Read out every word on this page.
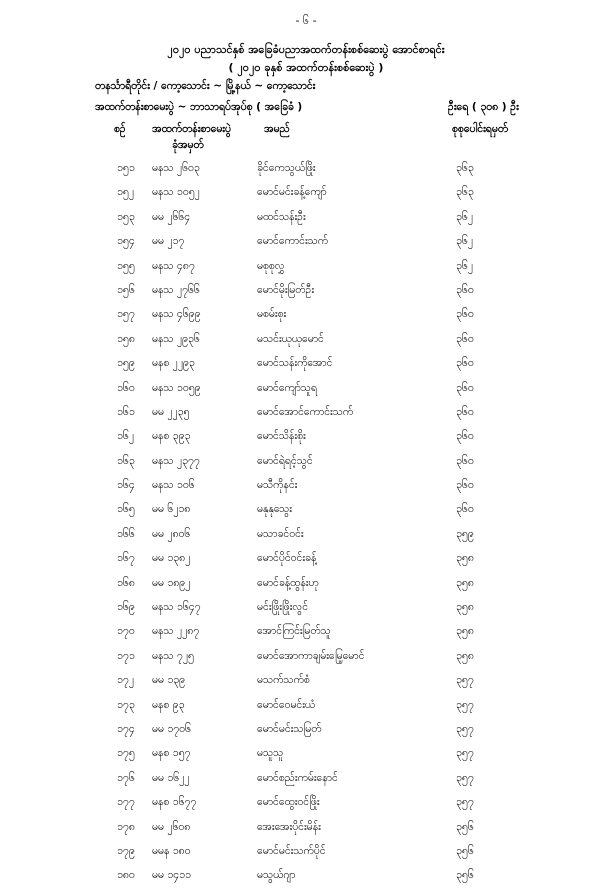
- ၆ -
၂၀၂၀ ပညာသင်နှစ် အခြေခံပညာအထက်တန်းစစ်ဆေးပွဲ အောင်စာရင်း
( ၂၀၂၀ ခုနှစ် အထက်တန်းစစ်ဆေးပွဲ )
တနင်္သာရီတိုင်း / ကော့သောင်း ~ မြို့နယ် ~ ကော့သောင်း
အထက်တန်းစာမေးပွဲ ~ ဘာသာရပ်အုပ်စု ( အခြေခံ )	ဦးရေ ( ၃၀၈ ) ဦး
စဉ်	အထက်တန်းစာမေးပွဲ
ခုံအမှတ်
အမည်	စုစုပေါင်းရမှတ်
၁၅၁ မနသ ၂၆၀၃	ခိုင်ကေသွယ်ဖြိုး	၃၆၃
၁၅၂ မနသ ၁၀၅၂	မောင်မင်းခန့်ကျော်	၃၆၃
၁၅၃ မမ ၂၆၆၄	မထင်သန်းဦး	၃၆၂
၁၅၄ မမ ၂၁၇	မောင်ကောင်းသက်	၃၆၂
၁၅၅ မနသ ၄၈၇	မစုစုလွှ	၃၆၂
၁၅၆ မနသ ၂၇၆၆	မောင်မိုးမြတ်ဦး	၃၆၀
၁၅၇ မနသ ၄၆၉၉	မစမ်းစုး	၃၆၀
၁၅၈ မနသ ၂၉၃၆	မသင်းယုယုမောင်	၃၆၀
၁၅၉ မနစ ၂၂၉၃	မောင်သန်းကိုအောင်	၃၆၀
၁၆၀ မနသ ၁၀၅၉	မောင်ကျော်သူရ	၃၆၀
၁၆၁ မမ ၂၂၃၅	မောင်အောင်ကောင်းသက်	၃၆၀
၁၆၂ မနစ ၃၉၃	မောင်သိန်းစိုး	၃၆၀
၁၆၃ မနသ ၂၃၇၇	မောင်ရဲရင့်သွင်	၃၆၀
၁၆၄ မနသ ၁၀၆	မသီကိုနင်း	၃၆၀
၁၆၅ မမ ၆၂၁၈	မနုနုသွေး	၃၆၀
၁၆၆ မမ ၂၈၀၆	မသာခင်ဝင်း	၃၅၉
၁၆၇ မမ ၁၃၈၂	မောင်ပိုင်ဝင်းခန့်	၃၅၈
၁၆၈ မမ ၁၈၉၂	မောင်ခန့်ထွန်းဟု	၃၅၈
၁၆၉ မနသ ၁၆၄၇	မင်းဖြိုးဖြိုးလွင်	၃၅၈
၁၇၀ မနသ ၂၂၈၇	အောင်ကြင်းမြတ်သူ	၃၅၈
၁၇၁ မနသ ၇၂၅	မောင်အောကာချမ်းမြေ့မောင်	၃၅၈
၁၇၂ မမ ၁၃၉	မသက်သက်စံ	၃၅၇
၁၇၃ မနစ ၉၃	မောင်ဝေမင်းယံ	၃၅၇
၁၇၄ မမ ၁၇၀၆	မောင်မင်းသမြတ်	၃၅၇
၁၇၅ မနစ ၁၅၇	မသူသူ	၃၅၇
၁၇၆ မမ ၁၆၂၂	မောင်စည်းကမ်းနောင်	၃၅၇
၁၇၇ မနစ ၁၆၇၇	မောင်ထွေးဝင်ဖြိုး	၃၅၇
၁၇၈ မမ ၂၆၀၈	အေးအေးပိုင်းမိန်း	၃၅၆
၁၇၉ မမန ၁၈၀	မောင်မင်းသက်ပိုင်	၃၅၆
၁၈၀ မမ ၁၄၁၁	မသွယ်ဂျာ	၃၅၆
